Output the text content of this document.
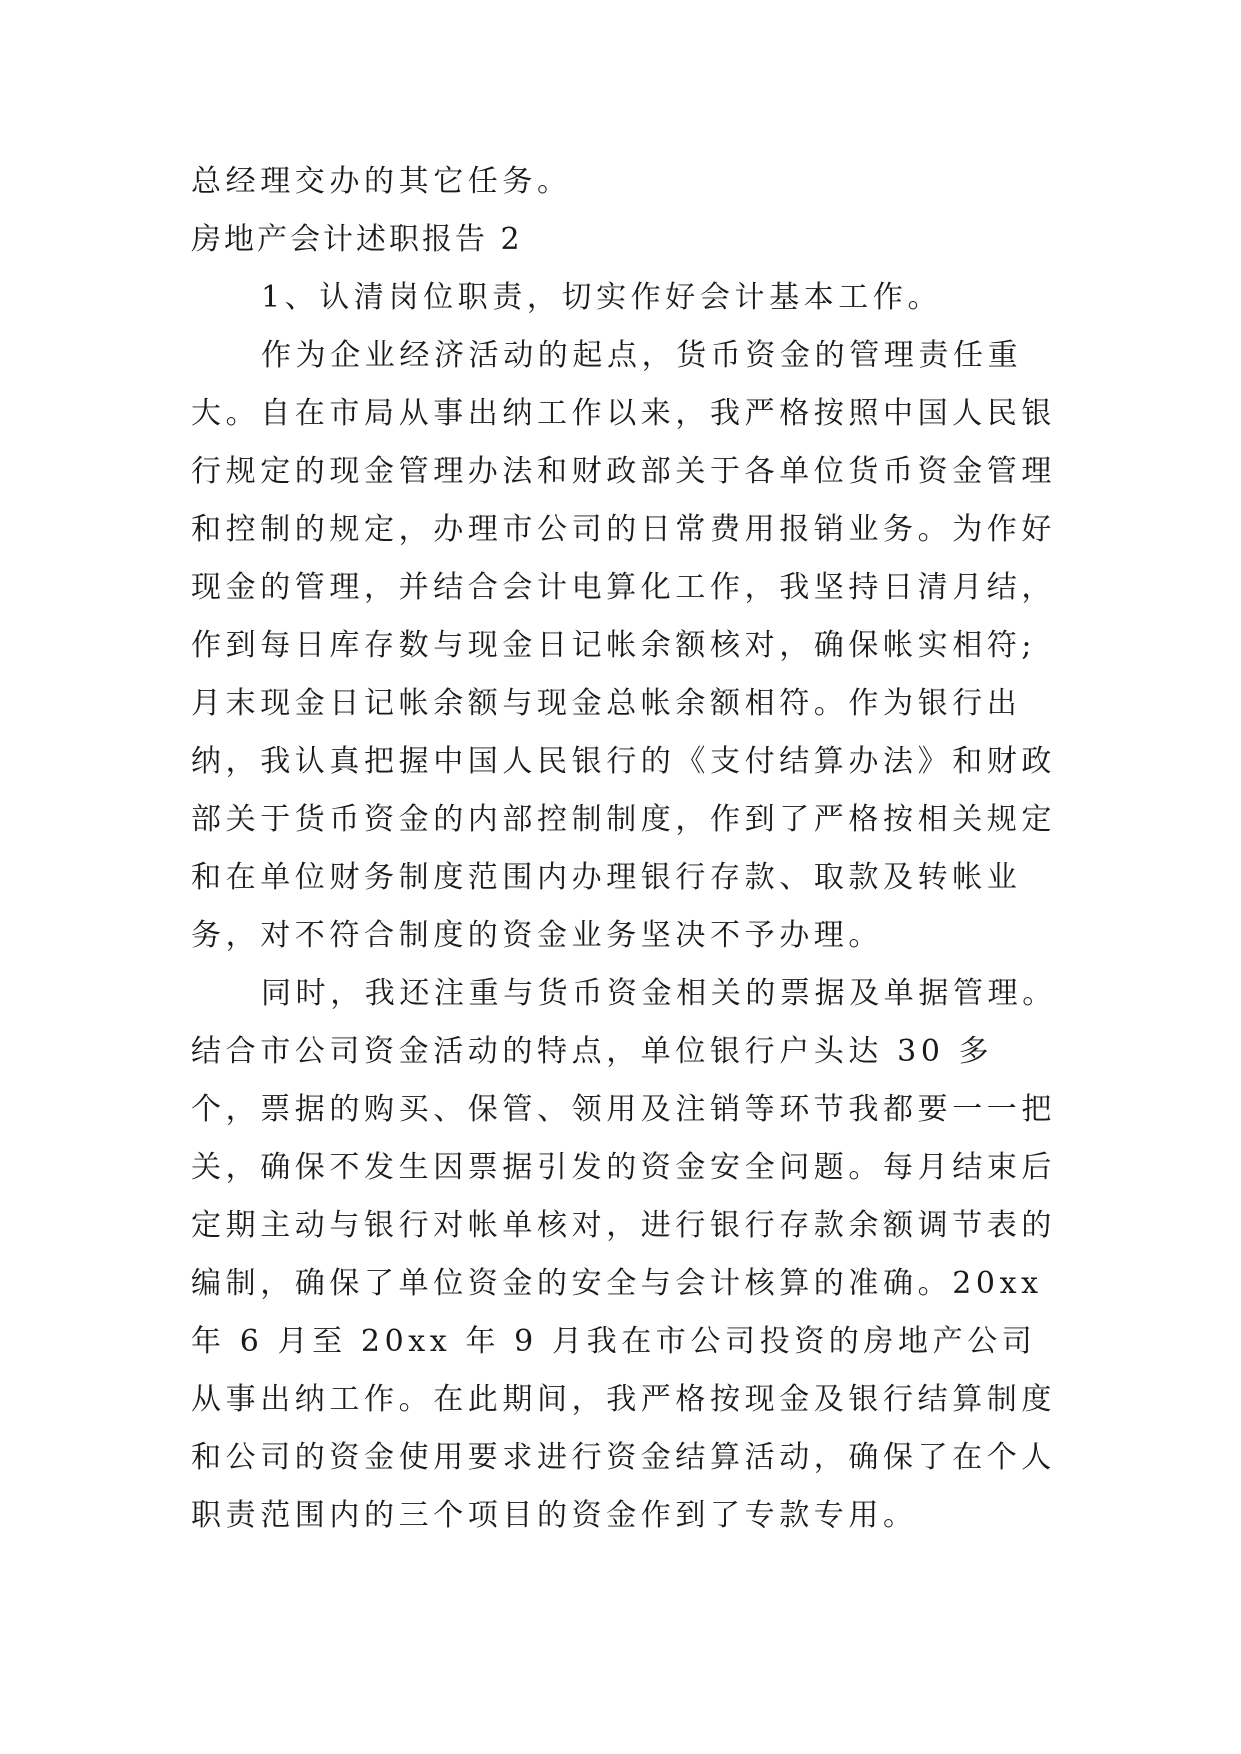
总经理交办的其它任务。

房地产会计述职报告 2

1、认清岗位职责，切实作好会计基本工作。

作为企业经济活动的起点，货币资金的管理责任重大。自在市局从事出纳工作以来，我严格按照中国人民银行规定的现金管理办法和财政部关于各单位货币资金管理和控制的规定，办理市公司的日常费用报销业务。为作好现金的管理，并结合会计电算化工作，我坚持日清月结，作到每日库存数与现金日记帐余额核对，确保帐实相符;月末现金日记帐余额与现金总帐余额相符。作为银行出纳，我认真把握中国人民银行的《支付结算办法》和财政部关于货币资金的内部控制制度，作到了严格按相关规定和在单位财务制度范围内办理银行存款、取款及转帐业务，对不符合制度的资金业务坚决不予办理。

同时，我还注重与货币资金相关的票据及单据管理。结合市公司资金活动的特点，单位银行户头达 30 多个，票据的购买、保管、领用及注销等环节我都要一一把关，确保不发生因票据引发的资金安全问题。每月结束后定期主动与银行对帐单核对，进行银行存款余额调节表的编制，确保了单位资金的安全与会计核算的准确。20xx 年 6 月至 20xx 年 9 月我在市公司投资的房地产公司从事出纳工作。在此期间，我严格按现金及银行结算制度和公司的资金使用要求进行资金结算活动，确保了在个人职责范围内的三个项目的资金作到了专款专用。
